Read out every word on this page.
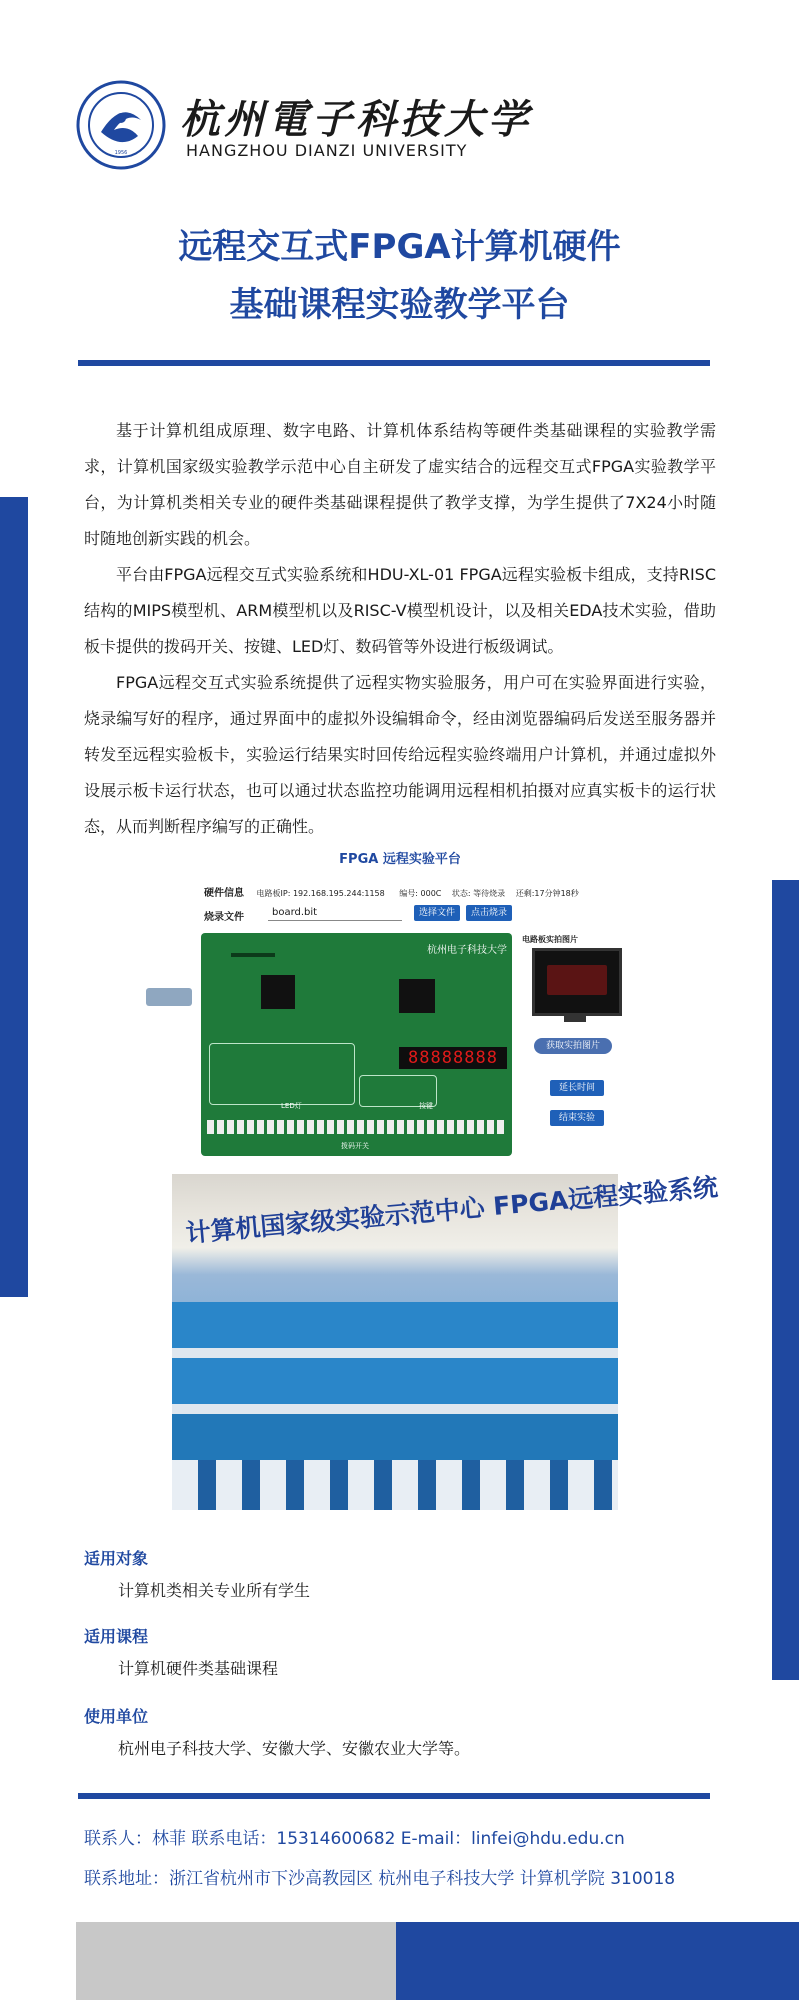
1956
杭州電子科技大学
HANGZHOU DIANZI UNIVERSITY
远程交互式FPGA计算机硬件
基础课程实验教学平台

基于计算机组成原理、数字电路、计算机体系结构等硬件类基础课程的实验教学需求，计算机国家级实验教学示范中心自主研发了虚实结合的远程交互式FPGA实验教学平台，为计算机类相关专业的硬件类基础课程提供了教学支撑，为学生提供了7X24小时随时随地创新实践的机会。

平台由FPGA远程交互式实验系统和HDU-XL-01 FPGA远程实验板卡组成，支持RISC结构的MIPS模型机、ARM模型机以及RISC-V模型机设计，以及相关EDA技术实验，借助板卡提供的拨码开关、按键、LED灯、数码管等外设进行板级调试。

FPGA远程交互式实验系统提供了远程实物实验服务，用户可在实验界面进行实验，烧录编写好的程序，通过界面中的虚拟外设编辑命令，经由浏览器编码后发送至服务器并转发至远程实验板卡，实验运行结果实时回传给远程实验终端用户计算机，并通过虚拟外设展示板卡运行状态，也可以通过状态监控功能调用远程相机拍摄对应真实板卡的运行状态，从而判断程序编写的正确性。

FPGA 远程实验平台
硬件信息 电路板IP: 192.168.195.244:1158 编号: 000C 状态: 等待烧录 还剩:17分钟18秒
烧录文件	board.bit	选择文件	点击烧录
杭州电子科技大学
88888888
LED灯	按键
拨码开关
电路板实拍图片
获取实拍图片
延长时间
结束实验
计算机国家级实验示范中心 FPGA远程实验系统
适用对象
计算机类相关专业所有学生
适用课程
计算机硬件类基础课程
使用单位
杭州电子科技大学、安徽大学、安徽农业大学等。
联系人：林菲 联系电话：15314600682 E-mail：linfei@hdu.edu.cn
联系地址：浙江省杭州市下沙高教园区 杭州电子科技大学 计算机学院 310018
